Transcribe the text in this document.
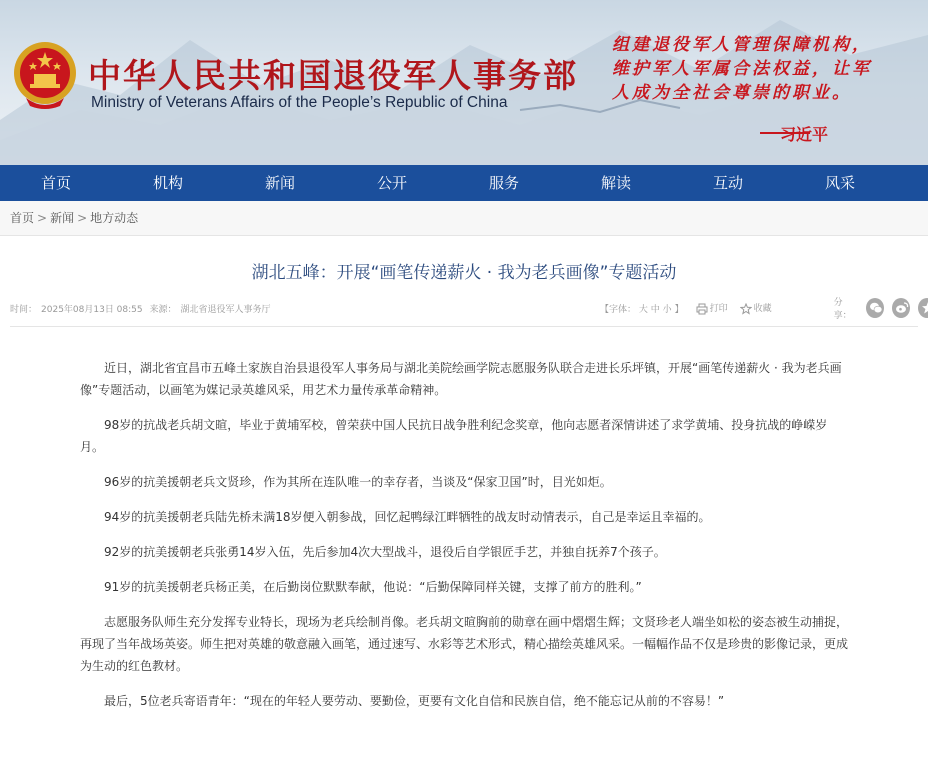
中华人民共和国退役军人事务部
Ministry of Veterans Affairs of the People’s Republic of China
组建退役军人管理保障机构，维护军人军属合法权益，让军人成为全社会尊崇的职业。
习近平
首页	机构	新闻	公开	服务	解读	互动	风采
首页 > 新闻 > 地方动态
湖北五峰：开展“画笔传递薪火 · 我为老兵画像”专题活动
时间： 2025年08月13日 08:55 来源： 湖北省退役军人事务厅	【字体： 大 中 小 】	打印	收藏
分享：

近日，湖北省宜昌市五峰土家族自治县退役军人事务局与湖北美院绘画学院志愿服务队联合走进长乐坪镇，开展“画笔传递薪火 · 我为老兵画像”专题活动，以画笔为媒记录英雄风采，用艺术力量传承革命精神。

98岁的抗战老兵胡文暄，毕业于黄埔军校，曾荣获中国人民抗日战争胜利纪念奖章，他向志愿者深情讲述了求学黄埔、投身抗战的峥嵘岁月。

96岁的抗美援朝老兵文贤珍，作为其所在连队唯一的幸存者，当谈及“保家卫国”时，目光如炬。

94岁的抗美援朝老兵陆先桥未满18岁便入朝参战，回忆起鸭绿江畔牺牲的战友时动情表示，自己是幸运且幸福的。

92岁的抗美援朝老兵张勇14岁入伍，先后参加4次大型战斗，退役后自学银匠手艺，并独自抚养7个孩子。

91岁的抗美援朝老兵杨正美，在后勤岗位默默奉献，他说：“后勤保障同样关键，支撑了前方的胜利。”

志愿服务队师生充分发挥专业特长，现场为老兵绘制肖像。老兵胡文暄胸前的勋章在画中熠熠生辉；文贤珍老人端坐如松的姿态被生动捕捉，再现了当年战场英姿。师生把对英雄的敬意融入画笔，通过速写、水彩等艺术形式，精心描绘英雄风采。一幅幅作品不仅是珍贵的影像记录，更成为生动的红色教材。

最后，5位老兵寄语青年：“现在的年轻人要劳动、要勤俭，更要有文化自信和民族自信，绝不能忘记从前的不容易！”
